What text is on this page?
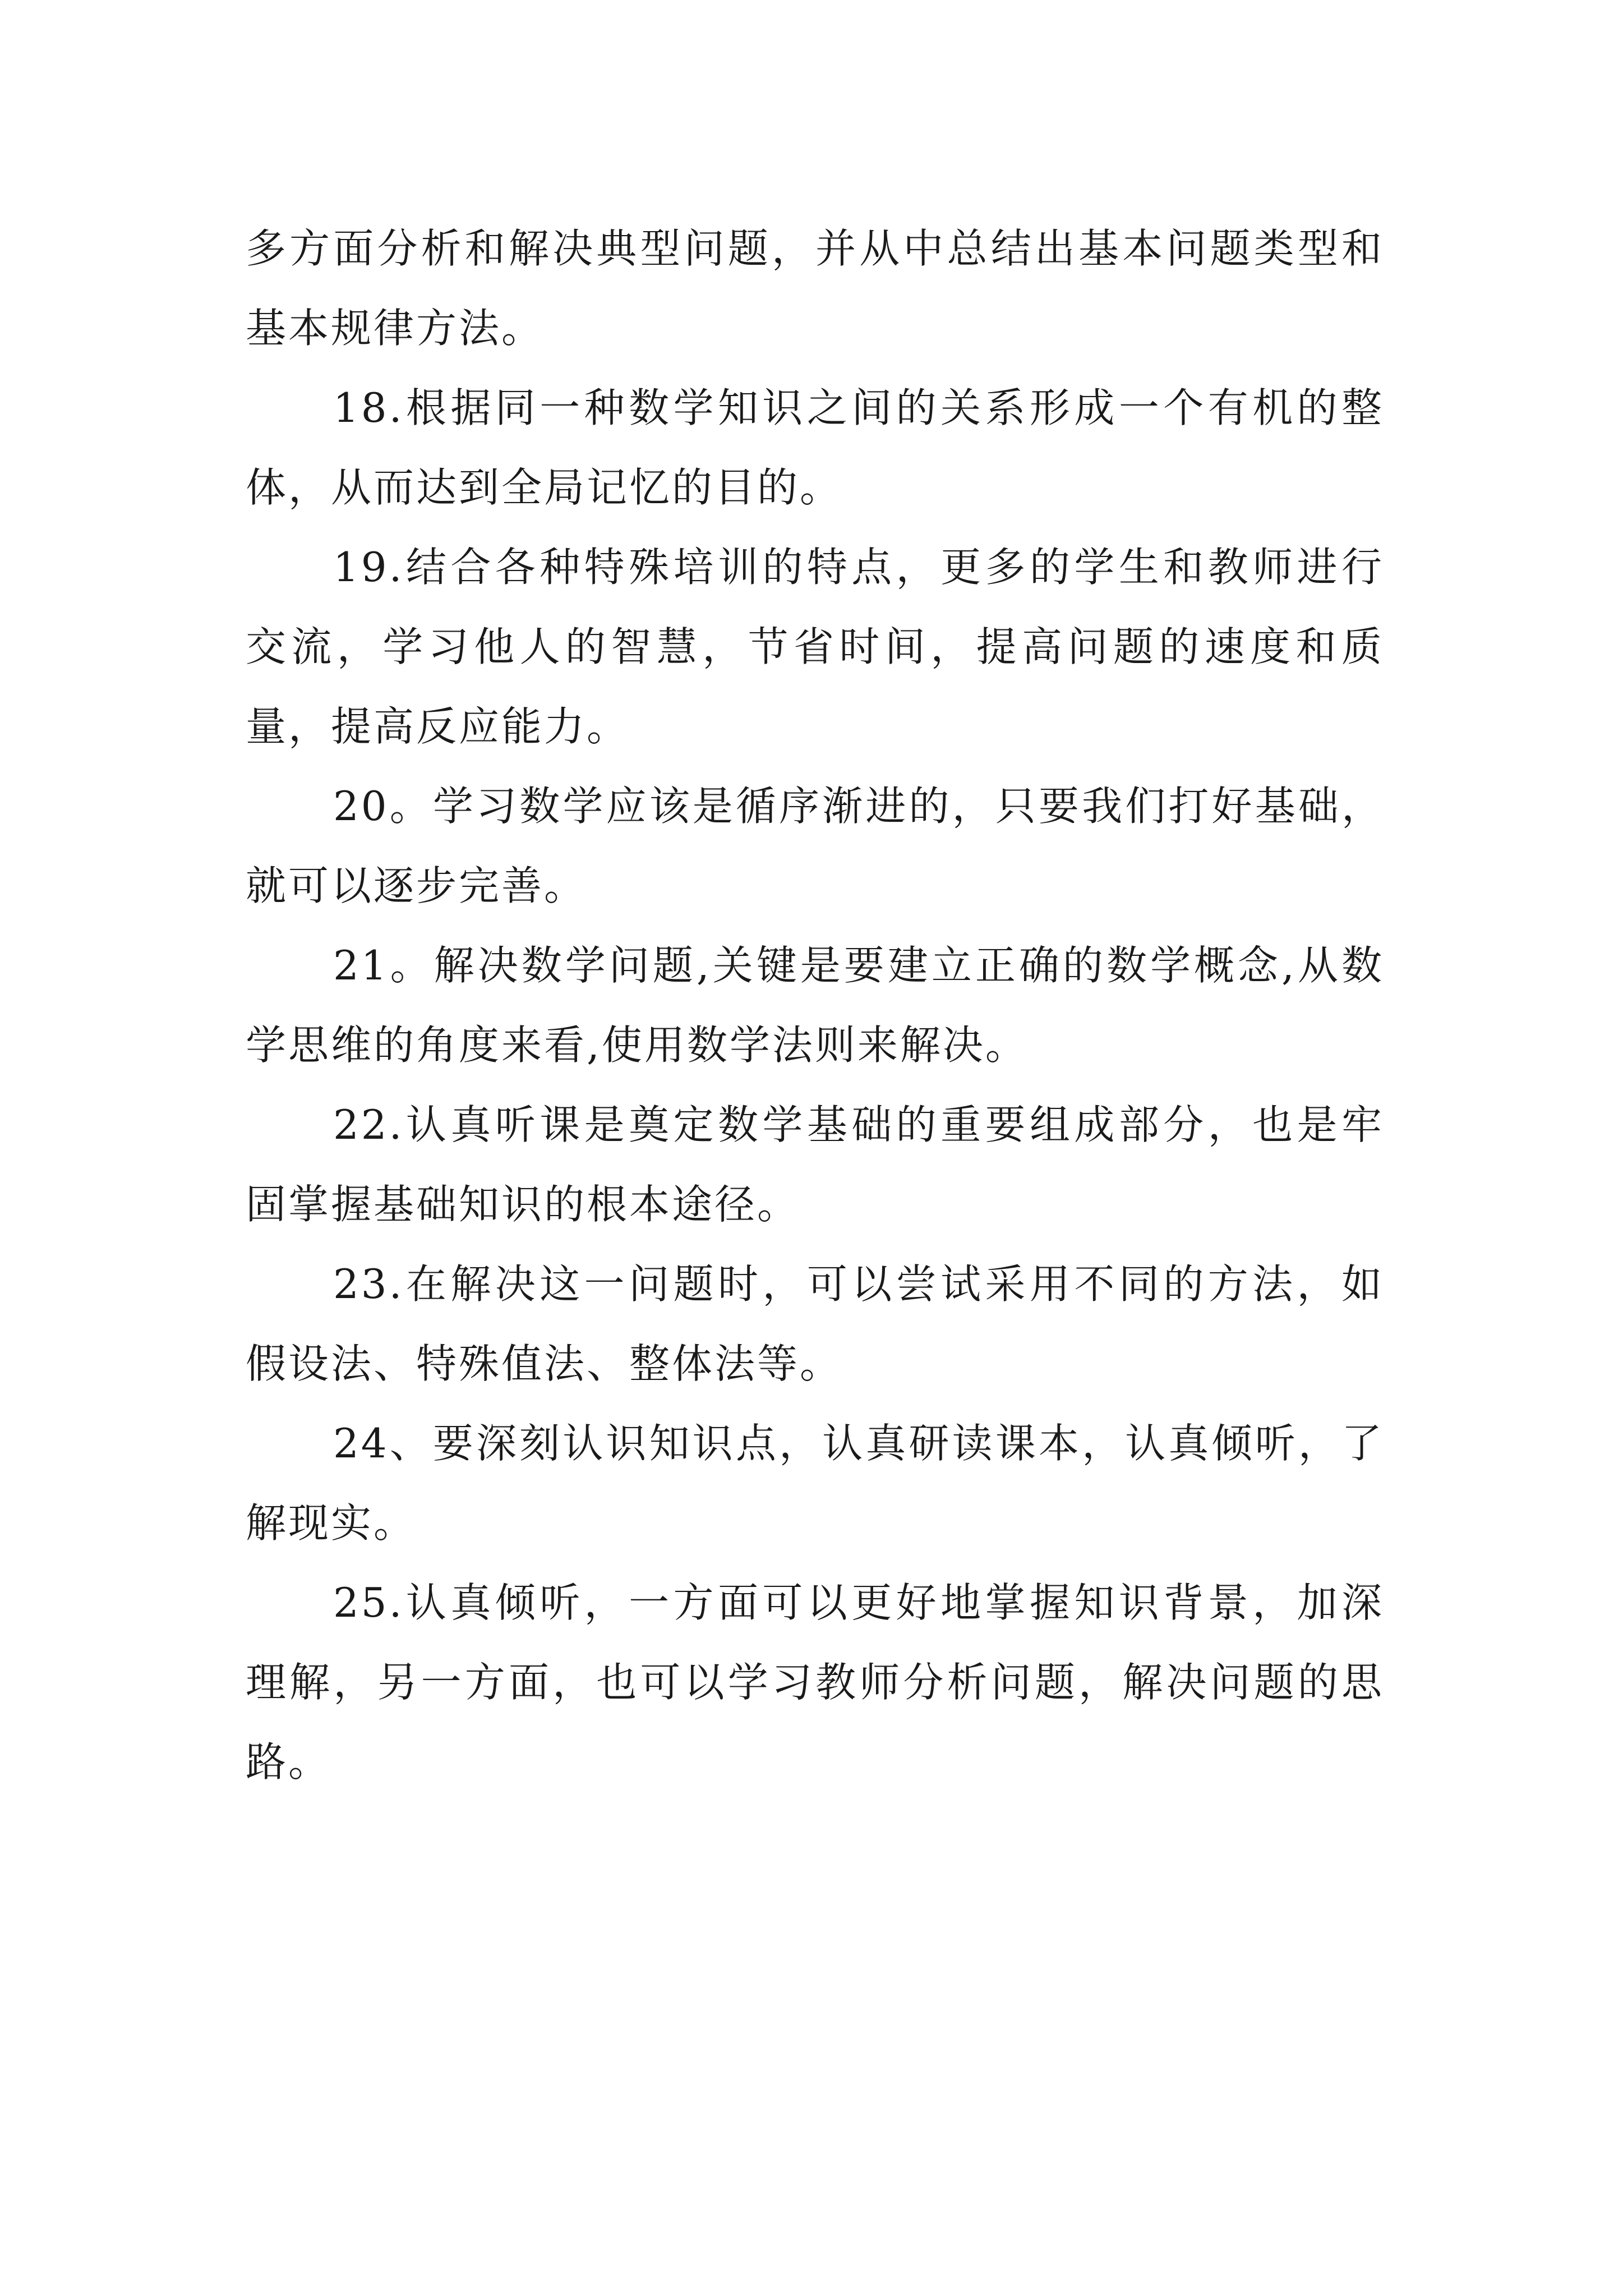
多方面分析和解决典型问题，并从中总结出基本问题类型和基本规律方法。

18.根据同一种数学知识之间的关系形成一个有机的整体，从而达到全局记忆的目的。

19.结合各种特殊培训的特点，更多的学生和教师进行交流，学习他人的智慧，节省时间，提高问题的速度和质量，提高反应能力。

20。学习数学应该是循序渐进的，只要我们打好基础，就可以逐步完善。

21。解决数学问题,关键是要建立正确的数学概念,从数学思维的角度来看,使用数学法则来解决。

22.认真听课是奠定数学基础的重要组成部分，也是牢固掌握基础知识的根本途径。

23.在解决这一问题时，可以尝试采用不同的方法，如假设法、特殊值法、整体法等。

24、要深刻认识知识点，认真研读课本，认真倾听，了解现实。

25.认真倾听，一方面可以更好地掌握知识背景，加深理解，另一方面，也可以学习教师分析问题，解决问题的思路。
